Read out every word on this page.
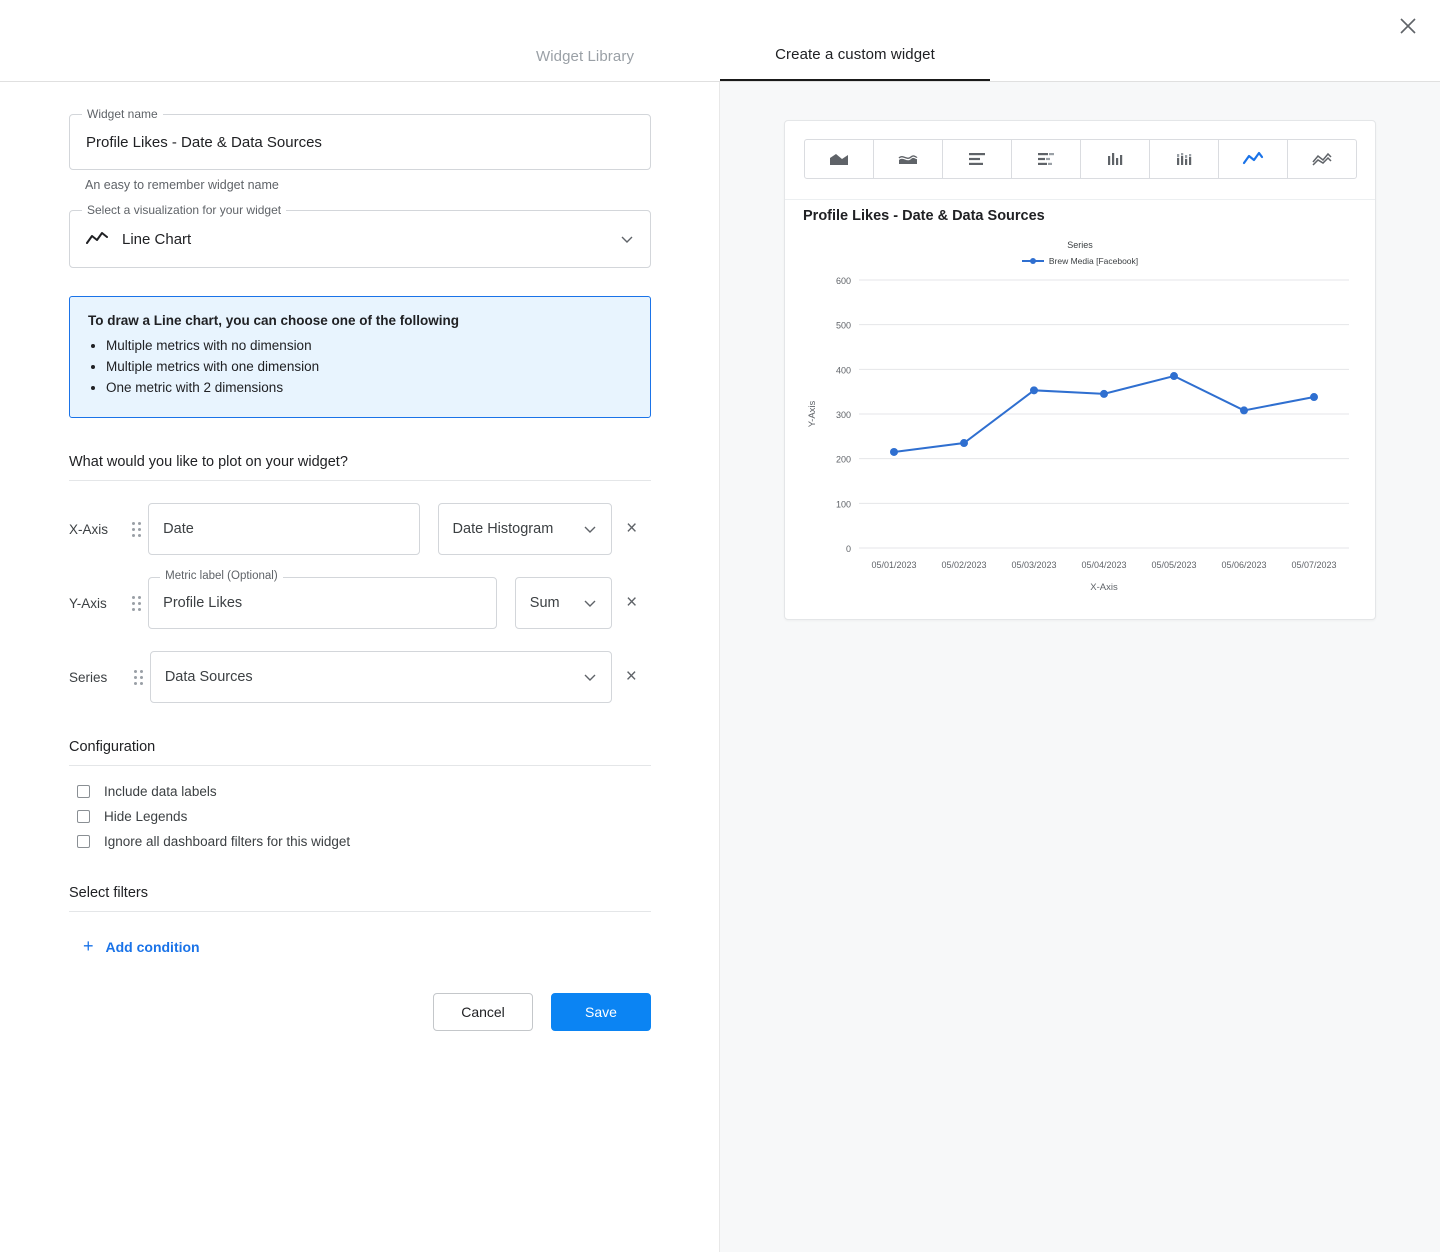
Widget Library	Create a custom widget
Widget name
Profile Likes - Date & Data Sources
An easy to remember widget name
Select a visualization for your widget
Line Chart
To draw a Line chart, you can choose one of the following
• Multiple metrics with no dimension
• Multiple metrics with one dimension
• One metric with 2 dimensions
What would you like to plot on your widget?
X-Axis	Date	Date Histogram	×
Y-Axis
Metric label (Optional)
Profile Likes	Sum	×
Series	Data Sources	×
Configuration
Include data labels
Hide Legends
Ignore all dashboard filters for this widget
Select filters
+ Add condition
Cancel	Save
Profile Likes - Date & Data Sources
Series
Brew Media [Facebook]
0
100
200
300
400
500
600
05/01/2023	05/02/2023	05/03/2023	05/04/2023	05/05/2023	05/06/2023	05/07/2023
X-Axis
Y-Axis
